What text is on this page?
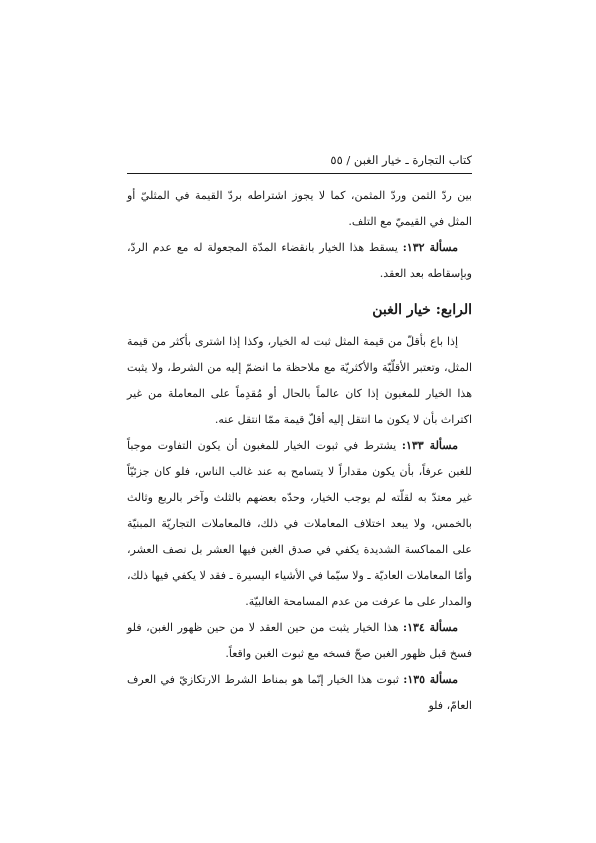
كتاب التجارة ـ خيار الغبن / ٥٥

بين ردّ الثمن وردّ المثمن، كما لا يجوز اشتراطه بردّ القيمة في المثليّ أو المثل في القيميّ مع التلف.

مسألة ١٣٢: يسقط هذا الخيار بانقضاء المدّة المجعولة له مع عدم الردّ، وبإسقاطه بعد العقد.

الرابع: خيار الغبن

إذا باع بأقلّ من قيمة المثل ثبت له الخيار، وكذا إذا اشترى بأكثر من قيمة المثل، وتعتبر الأقلّيّة والأكثريّة مع ملاحظة ما انضمّ إليه من الشرط، ولا يثبت هذا الخيار للمغبون إذا كان عالماً بالحال أو مُقدِماً على المعاملة من غير اكتراث بأن لا يكون ما انتقل إليه أقلّ قيمة ممّا انتقل عنه.

مسألة ١٣٣: يشترط في ثبوت الخيار للمغبون أن يكون التفاوت موجباً للغبن عرفاً، بأن يكون مقداراً لا يتسامح به عند غالب الناس، فلو كان جزئيّاً غير معتدّ به لقلّته لم يوجب الخيار، وحدّه بعضهم بالثلث وآخر بالربع وثالث بالخمس، ولا يبعد اختلاف المعاملات في ذلك، فالمعاملات التجاريّة المبنيّة على المماكسة الشديدة يكفي في صدق الغبن فيها العشر بل نصف العشر، وأمّا المعاملات العاديّة ـ ولا سيّما في الأشياء اليسيرة ـ فقد لا يكفي فيها ذلك، والمدار على ما عرفت من عدم المسامحة الغالبيّة.

مسألة ١٣٤: هذا الخيار يثبت من حين العقد لا من حين ظهور الغبن، فلو فسخ قبل ظهور الغبن صحّ فسخه مع ثبوت الغبن واقعاً.

مسألة ١٣٥: ثبوت هذا الخيار إنّما هو بمناط الشرط الارتكازيّ في العرف العامّ، فلو
